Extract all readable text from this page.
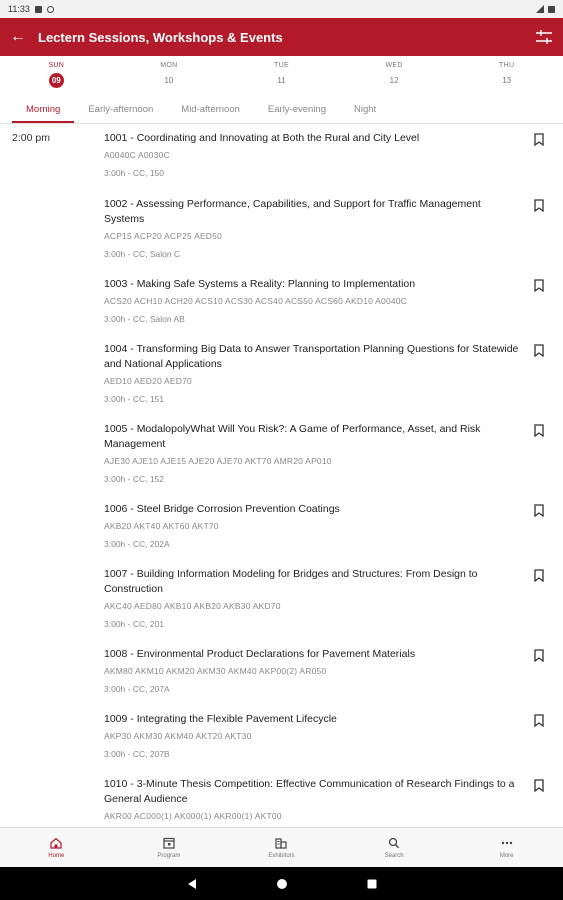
11:33
← Lectern Sessions, Workshops & Events
SUN
09
MON
10
TUE
11
WED
12
THU
13
Morning	Early-afternoon	Mid-afternoon	Early-evening	Night
2:00 pm	1001 - Coordinating and Innovating at Both the Rural and City Level
A0040C A0030C
3:00h - CC, 150
1002 - Assessing Performance, Capabilities, and Support for Traffic Management Systems
ACP15 ACP20 ACP25 AED50
3:00h - CC, Salon C
1003 - Making Safe Systems a Reality: Planning to Implementation
ACS20 ACH10 ACH20 ACS10 ACS30 ACS40 ACS50 ACS60 AKD10 A0040C
3:00h - CC, Salon AB
1004 - Transforming Big Data to Answer Transportation Planning Questions for Statewide and National Applications
AED10 AED20 AED70
3:00h - CC, 151
1005 - ModalopolyWhat Will You Risk?: A Game of Performance, Asset, and Risk Management
AJE30 AJE10 AJE15 AJE20 AJE70 AKT70 AMR20 AP010
3:00h - CC, 152
1006 - Steel Bridge Corrosion Prevention Coatings
AKB20 AKT40 AKT60 AKT70
3:00h - CC, 202A
1007 - Building Information Modeling for Bridges and Structures: From Design to Construction
AKC40 AED80 AKB10 AKB20 AKB30 AKD70
3:00h - CC, 201
1008 - Environmental Product Declarations for Pavement Materials
AKM80 AKM10 AKM20 AKM30 AKM40 AKP00(2) AR050
3:00h - CC, 207A
1009 - Integrating the Flexible Pavement Lifecycle
AKP30 AKM30 AKM40 AKT20 AKT30
3:00h - CC, 207B
1010 - 3-Minute Thesis Competition: Effective Communication of Research Findings to a General Audience
AKR00 AC000(1) AK000(1) AKR00(1) AKT00
Home	Program	Exhibitors	Search	More
